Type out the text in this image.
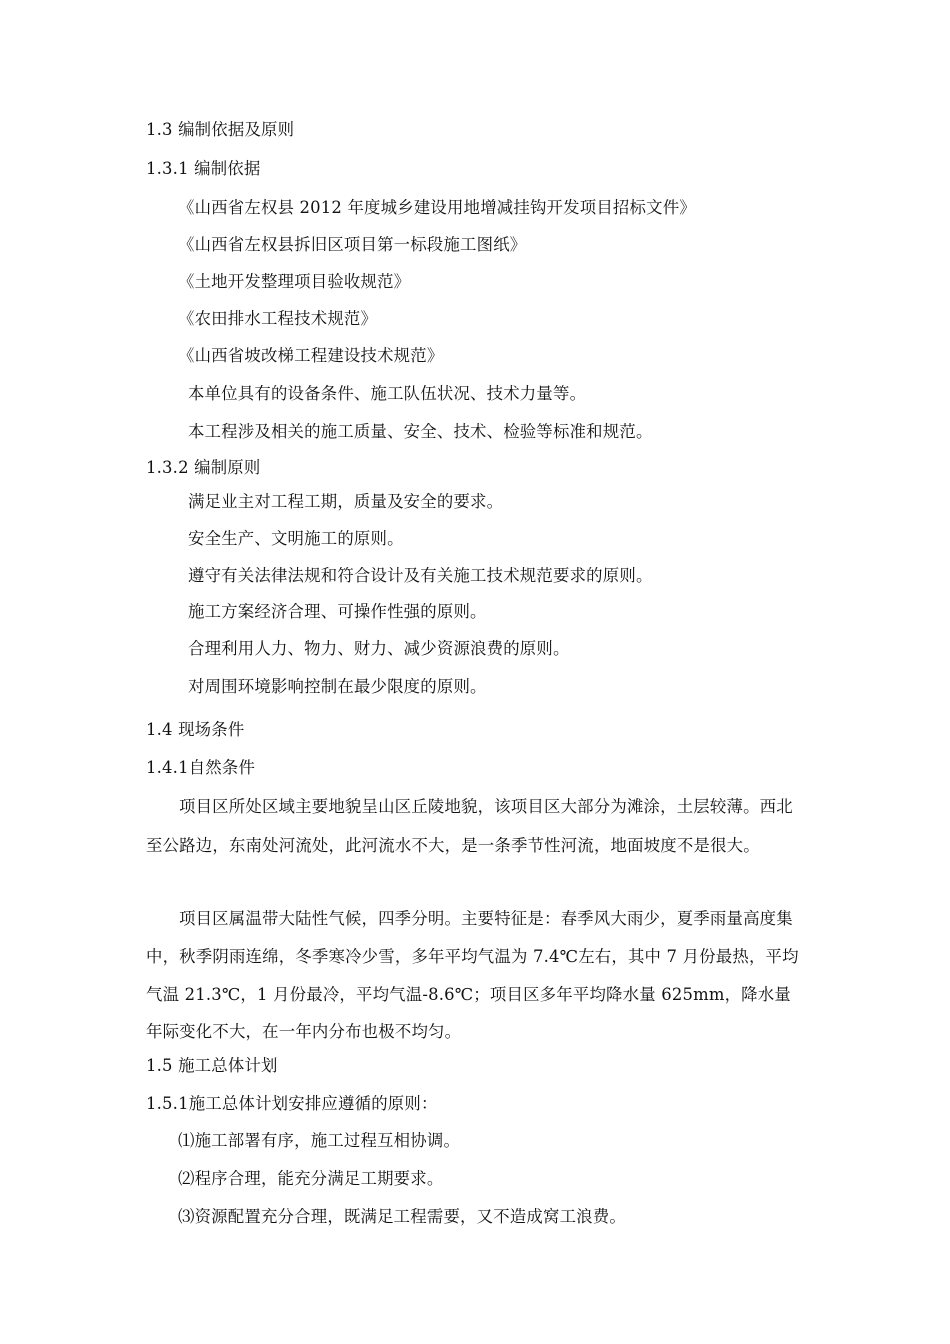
1.3 编制依据及原则
1.3.1 编制依据
《山西省左权县 2012 年度城乡建设用地增减挂钩开发项目招标文件》
《山西省左权县拆旧区项目第一标段施工图纸》
《土地开发整理项目验收规范》
《农田排水工程技术规范》
《山西省坡改梯工程建设技术规范》
本单位具有的设备条件、施工队伍状况、技术力量等。
本工程涉及相关的施工质量、安全、技术、检验等标准和规范。
1.3.2 编制原则
满足业主对工程工期，质量及安全的要求。
安全生产、文明施工的原则。
遵守有关法律法规和符合设计及有关施工技术规范要求的原则。
施工方案经济合理、可操作性强的原则。
合理利用人力、物力、财力、减少资源浪费的原则。
对周围环境影响控制在最少限度的原则。
1.4 现场条件
1.4.1自然条件
项目区所处区域主要地貌呈山区丘陵地貌，该项目区大部分为滩涂，土层较薄。西北至公路边，东南处河流处，此河流水不大，是一条季节性河流，地面坡度不是很大。
项目区属温带大陆性气候，四季分明。主要特征是：春季风大雨少，夏季雨量高度集中，秋季阴雨连绵，冬季寒冷少雪，多年平均气温为 7.4℃左右，其中 7 月份最热，平均气温 21.3℃，1 月份最冷，平均气温-8.6℃；项目区多年平均降水量 625mm，降水量年际变化不大，在一年内分布也极不均匀。
1.5 施工总体计划
1.5.1施工总体计划安排应遵循的原则：
⑴施工部署有序，施工过程互相协调。
⑵程序合理，能充分满足工期要求。
⑶资源配置充分合理，既满足工程需要，又不造成窝工浪费。
